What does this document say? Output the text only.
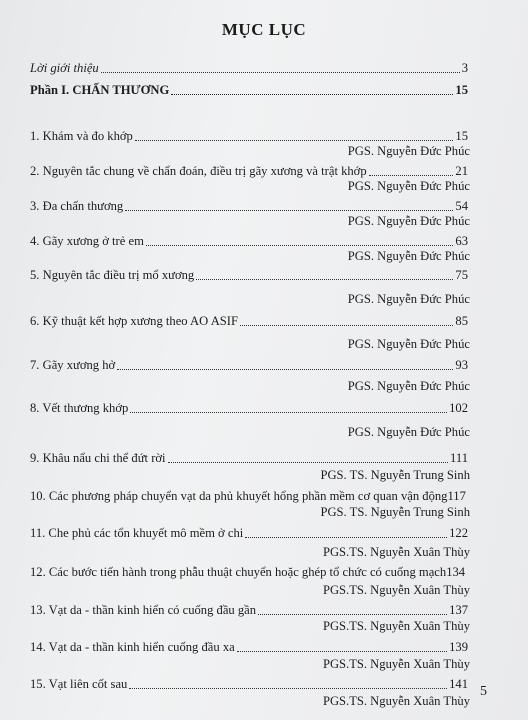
MỤC LỤC
Lời giới thiệu	3
Phần I. CHẤN THƯƠNG	15
1. Khám và đo khớp	15
PGS. Nguyễn Đức Phúc
2. Nguyên tắc chung về chẩn đoán, điều trị gãy xương và trật khớp	21
PGS. Nguyễn Đức Phúc
3. Đa chấn thương	54
PGS. Nguyễn Đức Phúc
4. Gãy xương ở trẻ em	63
PGS. Nguyễn Đức Phúc
5. Nguyên tắc điều trị mổ xương	75
PGS. Nguyễn Đức Phúc
6. Kỹ thuật kết hợp xương theo AO ASIF	85
PGS. Nguyễn Đức Phúc
7. Gãy xương hở	93
PGS. Nguyễn Đức Phúc
8. Vết thương khớp	102
PGS. Nguyễn Đức Phúc
9. Khâu nẩu chi thể đứt rời	111
PGS. TS. Nguyễn Trung Sinh
10. Các phương pháp chuyển vạt da phủ khuyết hổng phần mềm cơ quan vận động 117
PGS. TS. Nguyễn Trung Sinh
11. Che phủ các tổn khuyết mô mềm ở chi	122
PGS.TS. Nguyễn Xuân Thùy
12. Các bước tiến hành trong phẫu thuật chuyển hoặc ghép tổ chức có cuống mạch 134
PGS.TS. Nguyễn Xuân Thùy
13. Vạt da - thần kinh hiển có cuống đầu gần	137
PGS.TS. Nguyễn Xuân Thùy
14. Vạt da - thần kinh hiển cuống đầu xa	139
PGS.TS. Nguyễn Xuân Thùy
15. Vạt liên cốt sau	141
PGS.TS. Nguyễn Xuân Thùy
5
